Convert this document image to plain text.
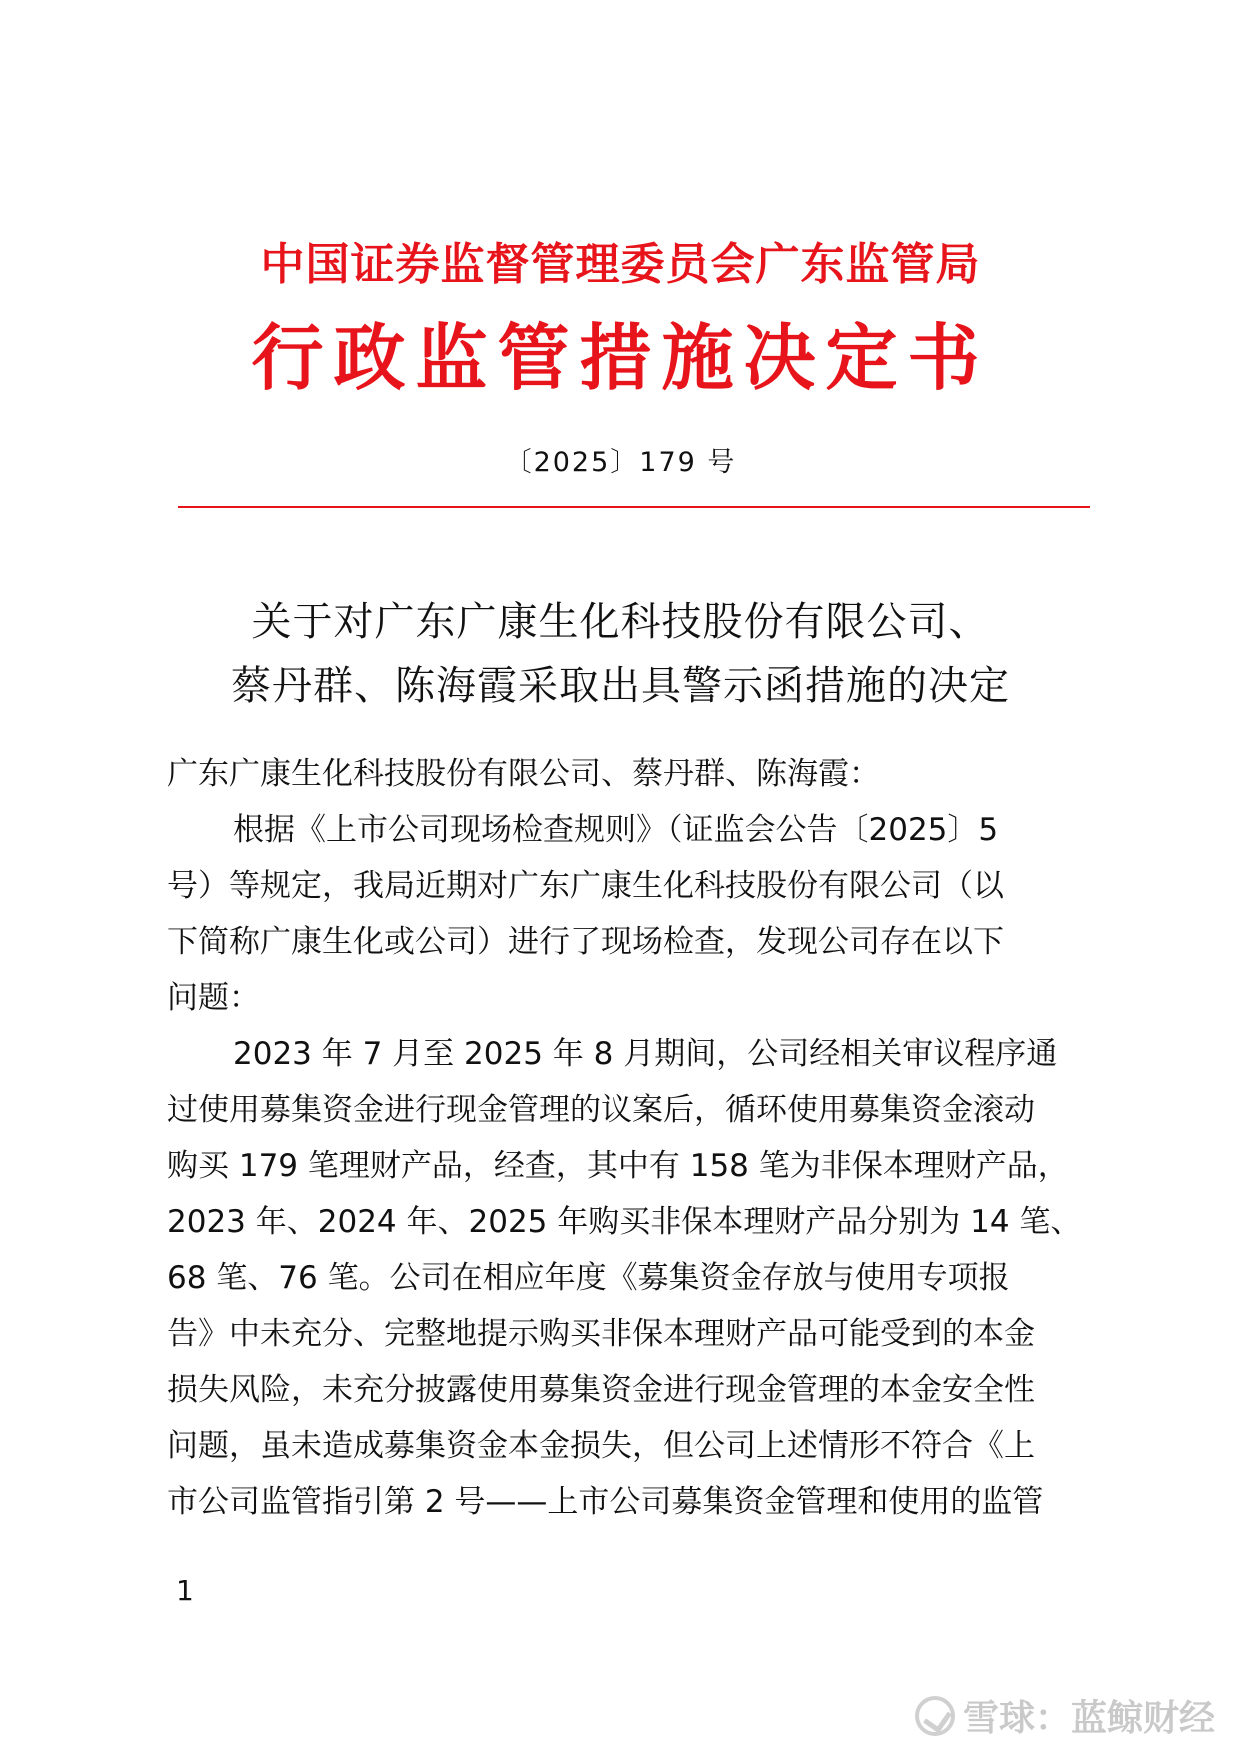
中国证券监督管理委员会广东监管局
行政监管措施决定书
〔2025〕179 号
关于对广东广康生化科技股份有限公司、
蔡丹群、陈海霞采取出具警示函措施的决定
广东广康生化科技股份有限公司、蔡丹群、陈海霞：
根据《上市公司现场检查规则》（证监会公告〔2025〕5
号）等规定，我局近期对广东广康生化科技股份有限公司（以
下简称广康生化或公司）进行了现场检查，发现公司存在以下
问题：
2023 年 7 月至 2025 年 8 月期间，公司经相关审议程序通
过使用募集资金进行现金管理的议案后，循环使用募集资金滚动
购买 179 笔理财产品，经查，其中有 158 笔为非保本理财产品，
2023 年、2024 年、2025 年购买非保本理财产品分别为 14 笔、
68 笔、76 笔。公司在相应年度《募集资金存放与使用专项报
告》中未充分、完整地提示购买非保本理财产品可能受到的本金
损失风险，未充分披露使用募集资金进行现金管理的本金安全性
问题，虽未造成募集资金本金损失，但公司上述情形不符合《上
市公司监管指引第 2 号——上市公司募集资金管理和使用的监管
1
雪球：蓝鲸财经
